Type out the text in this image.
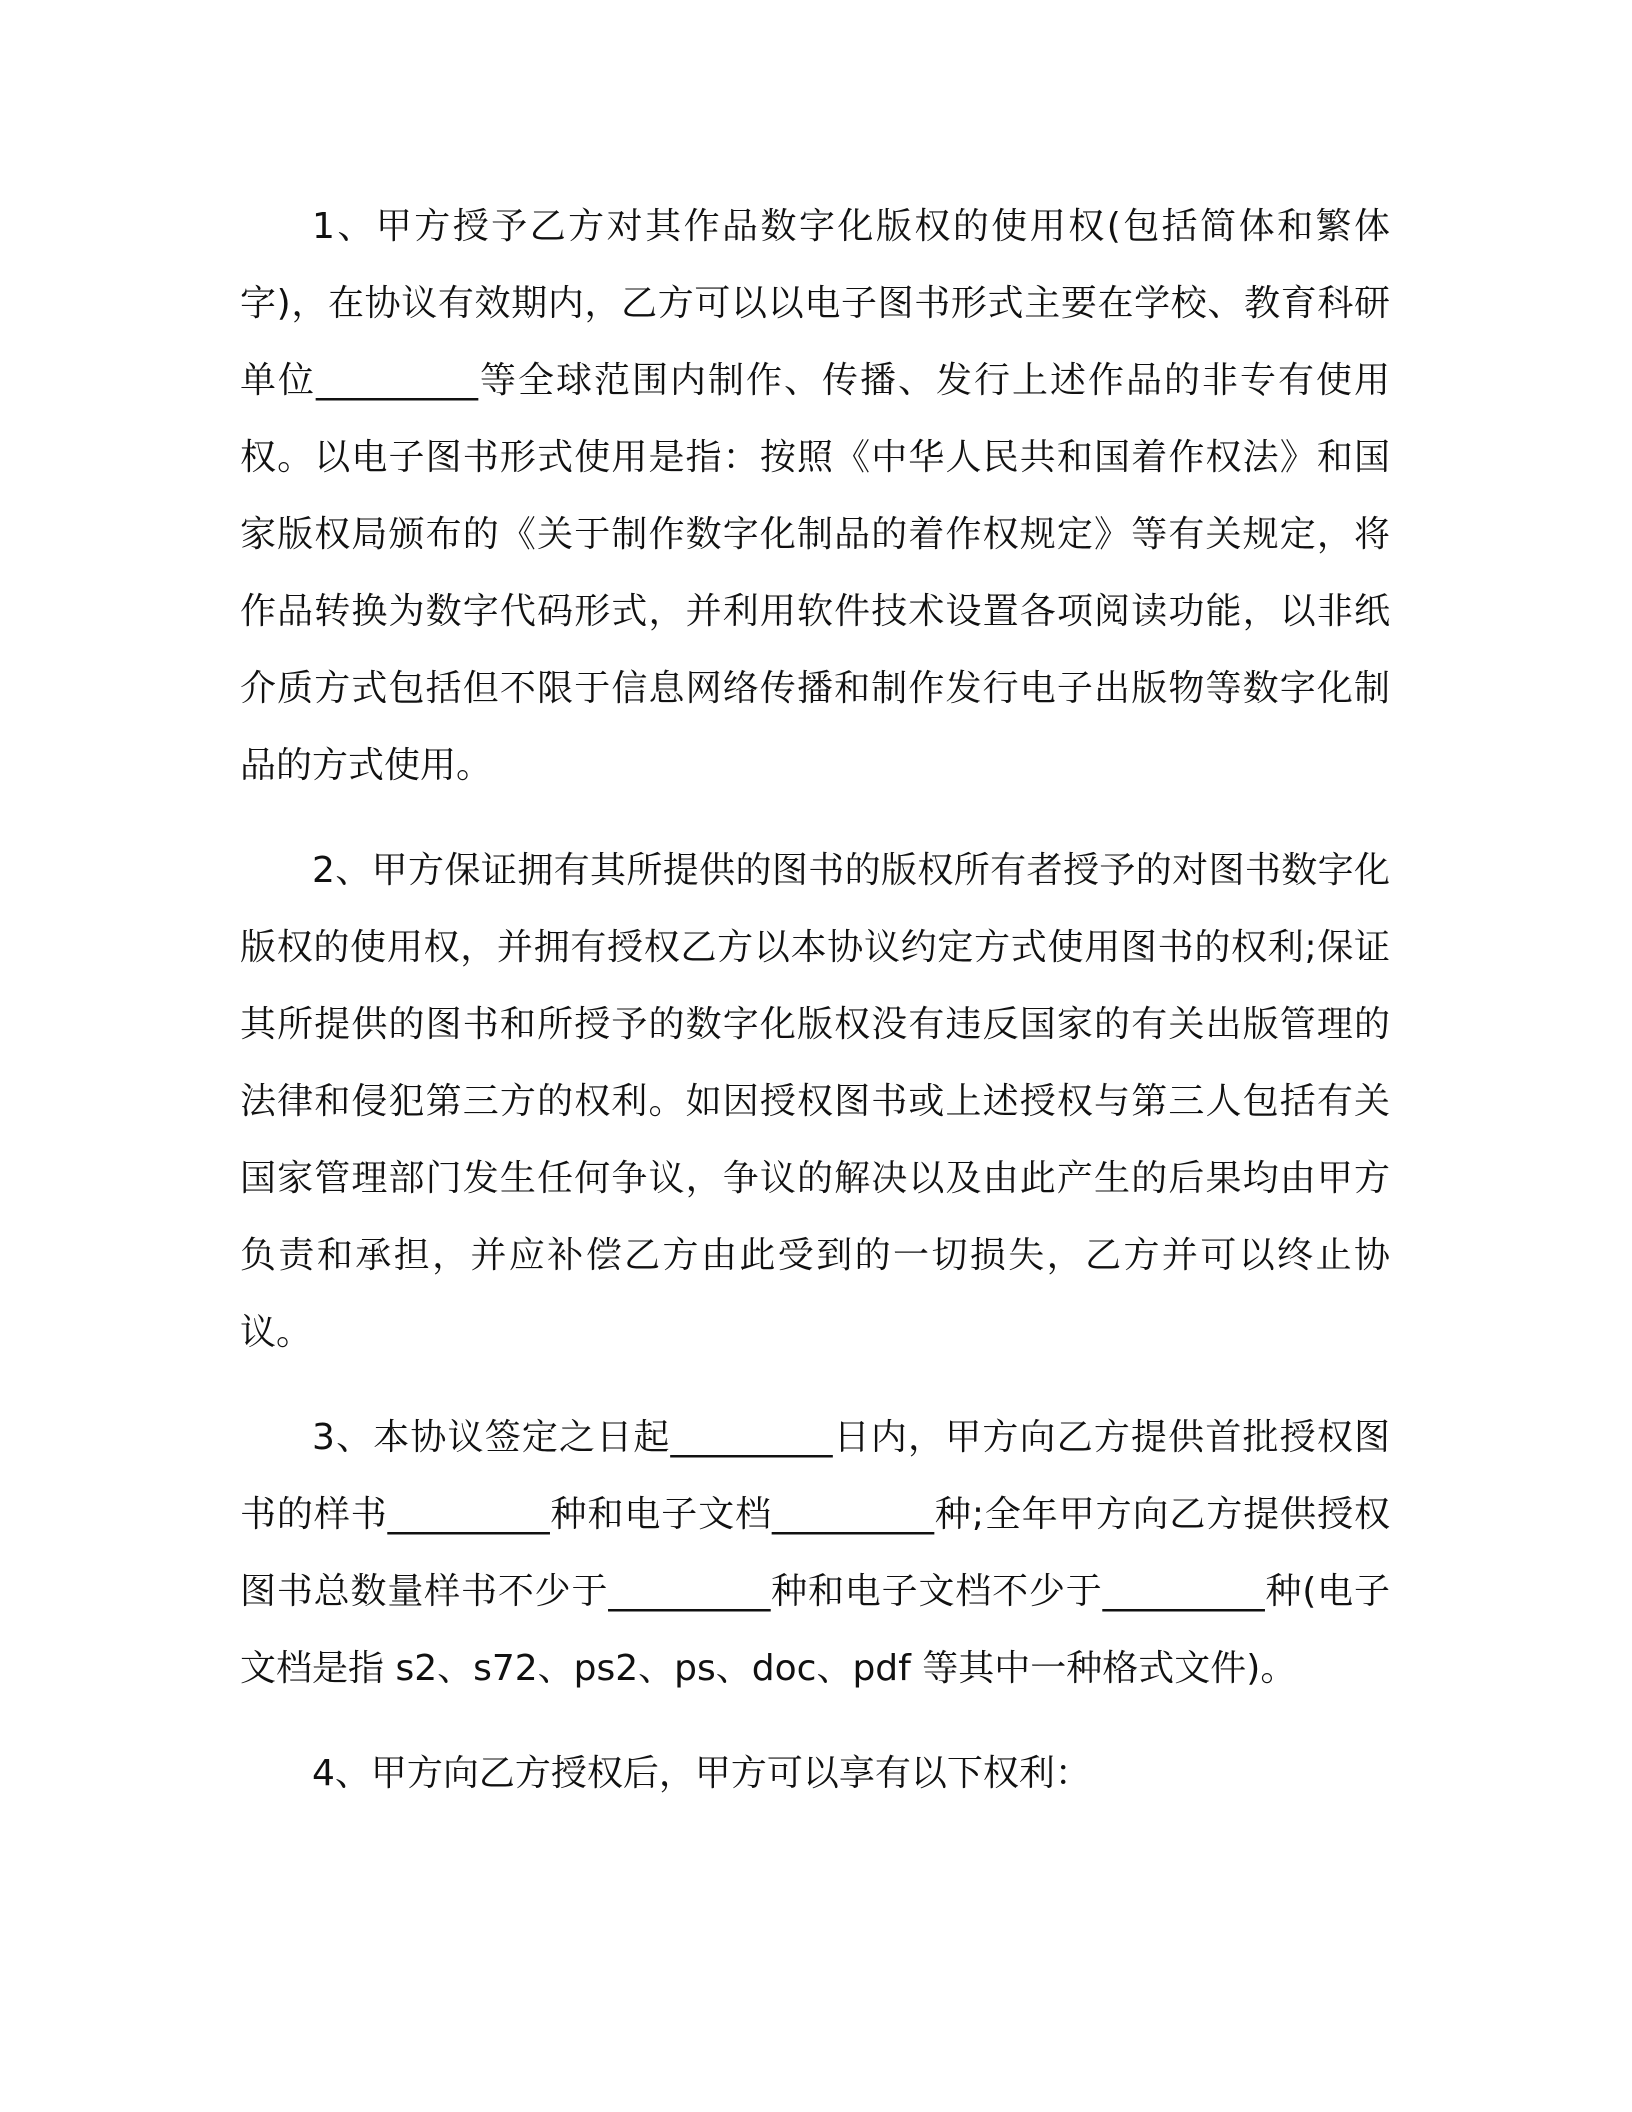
1、甲方授予乙方对其作品数字化版权的使用权(包括简体和繁体字)，在协议有效期内，乙方可以以电子图书形式主要在学校、教育科研单位_________等全球范围内制作、传播、发行上述作品的非专有使用权。以电子图书形式使用是指：按照《中华人民共和国着作权法》和国家版权局颁布的《关于制作数字化制品的着作权规定》等有关规定，将作品转换为数字代码形式，并利用软件技术设置各项阅读功能，以非纸介质方式包括但不限于信息网络传播和制作发行电子出版物等数字化制品的方式使用。

2、甲方保证拥有其所提供的图书的版权所有者授予的对图书数字化版权的使用权，并拥有授权乙方以本协议约定方式使用图书的权利;保证其所提供的图书和所授予的数字化版权没有违反国家的有关出版管理的法律和侵犯第三方的权利。如因授权图书或上述授权与第三人包括有关国家管理部门发生任何争议，争议的解决以及由此产生的后果均由甲方负责和承担，并应补偿乙方由此受到的一切损失，乙方并可以终止协议。

3、本协议签定之日起_________日内，甲方向乙方提供首批授权图书的样书_________种和电子文档_________种;全年甲方向乙方提供授权图书总数量样书不少于_________种和电子文档不少于_________种(电子文档是指 s2、s72、ps2、ps、doc、pdf 等其中一种格式文件)。

4、甲方向乙方授权后，甲方可以享有以下权利：
